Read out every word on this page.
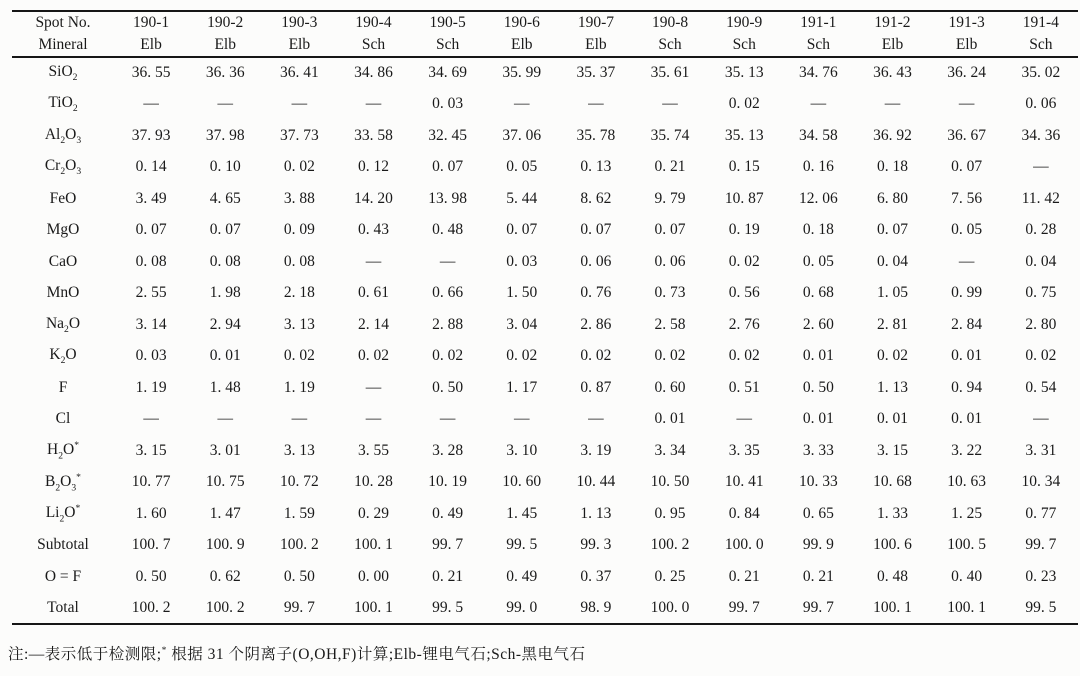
Spot No.	190-1	190-2	190-3	190-4	190-5	190-6	190-7	190-8	190-9	191-1	191-2	191-3	191-4
Mineral	Elb	Elb	Elb	Sch	Sch	Elb	Elb	Sch	Sch	Sch	Elb	Elb	Sch
SiO$_2$	36. 55	36. 36	36. 41	34. 86	34. 69	35. 99	35. 37	35. 61	35. 13	34. 76	36. 43	36. 24	35. 02
TiO$_2$	—	—	—	—	0. 03	—	—	—	0. 02	—	—	—	0. 06
$Al_2O_3$	37. 93	37. 98	37. 73	33. 58	32. 45	37. 06	35. 78	35. 74	35. 13	34. 58	36. 92	36. 67	34. 36
$Cr_2O_3$	0. 14	0. 10	0. 02	0. 12	0. 07	0. 05	0. 13	0. 21	0. 15	0. 16	0. 18	0. 07	—
FeO	3. 49	4. 65	3. 88	14. 20	13. 98	5. 44	8. 62	9. 79	10. 87	12. 06	6. 80	7. 56	11. 42
MgO	0. 07	0. 07	0. 09	0. 43	0. 48	0. 07	0. 07	0. 07	0. 19	0. 18	0. 07	0. 05	0. 28
CaO	0. 08	0. 08	0. 08	—	—	0. 03	0. 06	0. 06	0. 02	0. 05	0. 04	—	0. 04
MnO	2. 55	1. 98	2. 18	0. 61	0. 66	1. 50	0. 76	0. 73	0. 56	0. 68	1. 05	0. 99	0. 75
$Na_2O$	3. 14	2. 94	3. 13	2. 14	2. 88	3. 04	2. 86	2. 58	2. 76	2. 60	2. 81	2. 84	2. 80
$K_2O$	0. 03	0. 01	0. 02	0. 02	0. 02	0. 02	0. 02	0. 02	0. 02	0. 01	0. 02	0. 01	0. 02
F	1. 19	1. 48	1. 19	—	0. 50	1. 17	0. 87	0. 60	0. 51	0. 50	1. 13	0. 94	0. 54
Cl	—	—	—	—	—	—	—	0. 01	—	0. 01	0. 01	0. 01	—
$H_2O^*$	3. 15	3. 01	3. 13	3. 55	3. 28	3. 10	3. 19	3. 34	3. 35	3. 33	3. 15	3. 22	3. 31
$B_2O_3^*$	10. 77	10. 75	10. 72	10. 28	10. 19	10. 60	10. 44	10. 50	10. 41	10. 33	10. 68	10. 63	10. 34
$Li_2O^*$	1. 60	1. 47	1. 59	0. 29	0. 49	1. 45	1. 13	0. 95	0. 84	0. 65	1. 33	1. 25	0. 77
Subtotal	100. 7	100. 9	100. 2	100. 1	99. 7	99. 5	99. 3	100. 2	100. 0	99. 9	100. 6	100. 5	99. 7
O = F	0. 50	0. 62	0. 50	0. 00	0. 21	0. 49	0. 37	0. 25	0. 21	0. 21	0. 48	0. 40	0. 23
Total	100. 2	100. 2	99. 7	100. 1	99. 5	99. 0	98. 9	100. 0	99. 7	99. 7	100. 1	100. 1	99. 5
注:—表示低于检测限;* 根据 31 个阴离子(O,OH,F)计算;Elb-锂电气石;Sch-黑电气石
